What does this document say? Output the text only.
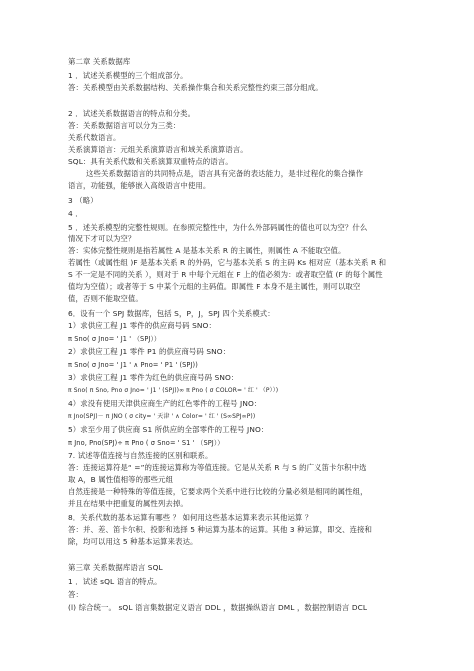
第二章 关系数据库
1 ．试述关系模型的三个组成部分。
答：关系模型由关系数据结构、关系操作集合和关系完整性约束三部分组成。
2 ．试述关系数据语言的特点和分类。
答：关系数据语言可以分为三类：
关系代数语言。
关系演算语言：元组关系演算语言和域关系演算语言。
SQL：具有关系代数和关系演算双重特点的语言。
这些关系数据语言的共同特点是，语言具有完备的表达能力，是非过程化的集合操作
语言，功能强，能够嵌入高级语言中使用。
3 （略）
4 ．
5 ．述关系模型的完整性规则。在参照完整性中，为什么外部码属性的值也可以为空？什么
情况下才可以为空？
答：实体完整性规则是指若属性 A 是基本关系 R 的主属性，则属性 A 不能取空值。
若属性（或属性组 )F 是基本关系 R 的外码，它与基本关系 S 的主码 Ks 相对应（基本关系 R 和
S 不一定是不同的关系 ），则对于 R 中每个元组在 F 上的值必须为：或者取空值 (F 的每个属性
值均为空值）；或者等于 S 中某个元组的主码值。即属性 F 本身不是主属性，则可以取空
值，否则不能取空值。
6．设有一个 SPJ 数据库，包括 S，P，J，SPJ 四个关系模式：
1）求供应工程 J1 零件的供应商号码 SNO：
π Sno( σ Jno= ' J1 ' （SPJ））
2）求供应工程 J1 零件 P1 的供应商号码 SNO：
π Sno( σ Jno= ' J1 ' ∧ Pno= ' P1 ' (SPJ))
3）求供应工程 J1 零件为红色的供应商号码 SNO：
π Sno( π Sno, Pno σ Jno= ' J1 ' (SPJ))∞ π Pno ( σ COLOR= ' 红 ' （P））)
4）求没有使用天津供应商生产的红色零件的工程号 JNO：
π Jno(SPJ)－ π JNO ( σ city= ' 天津 ' ∧ Color= ' 红 ' (S∞SPJ∞P))
5）求至少用了供应商 S1 所供应的全部零件的工程号 JNO：
π Jno, Pno(SPJ)÷ π Pno ( σ Sno= ' S1 ' （SPJ））
7. 试述等值连接与自然连接的区别和联系。
答：连接运算符是“ =”的连接运算称为等值连接。它是从关系 R 与 S 的广义笛卡尔积中选
取 A，B 属性值相等的那些元组
自然连接是一种特殊的等值连接，它要求两个关系中进行比较的分量必须是相同的属性组，
并且在结果中把重复的属性列去掉。
8．关系代数的基本运算有哪些 ？ 如何用这些基本运算来表示其他运算 ？
答：并、差、笛卡尔积、投影和选择 5 种运算为基本的运算。其他 3 种运算，即交、连接和
除，均可以用这 5 种基本运算来表达。
第三章 关系数据库语言 SQL
1 ．试述 sQL 语言的特点。
答：
(l) 综合统一。 sQL 语言集数据定义语言 DDL ，数据操纵语言 DML ，数据控制语言 DCL
